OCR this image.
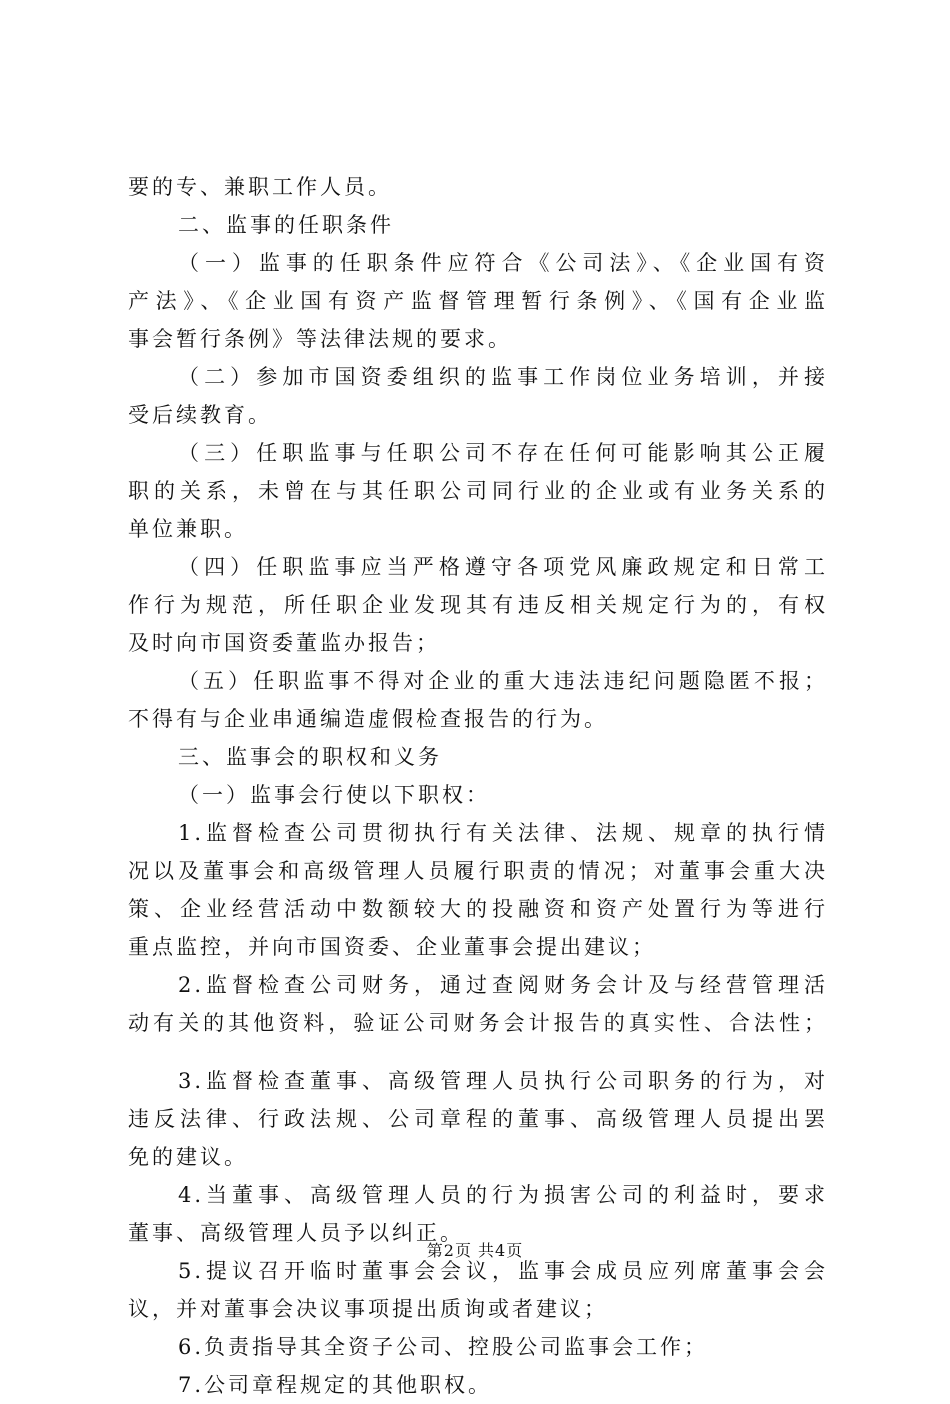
要的专、兼职工作人员。
二、监事的任职条件
（一）监事的任职条件应符合《公司法》、《企业国有资
产法》、《企业国有资产监督管理暂行条例》、《国有企业监
事会暂行条例》等法律法规的要求。
（二）参加市国资委组织的监事工作岗位业务培训，并接
受后续教育。
（三）任职监事与任职公司不存在任何可能影响其公正履
职的关系，未曾在与其任职公司同行业的企业或有业务关系的
单位兼职。
（四）任职监事应当严格遵守各项党风廉政规定和日常工
作行为规范，所任职企业发现其有违反相关规定行为的，有权
及时向市国资委董监办报告；
（五）任职监事不得对企业的重大违法违纪问题隐匿不报；
不得有与企业串通编造虚假检查报告的行为。
三、监事会的职权和义务
（一）监事会行使以下职权：
1.监督检查公司贯彻执行有关法律、法规、规章的执行情
况以及董事会和高级管理人员履行职责的情况；对董事会重大决
策、企业经营活动中数额较大的投融资和资产处置行为等进行
重点监控，并向市国资委、企业董事会提出建议；
2.监督检查公司财务，通过查阅财务会计及与经营管理活
动有关的其他资料，验证公司财务会计报告的真实性、合法性；
3.监督检查董事、高级管理人员执行公司职务的行为，对
违反法律、行政法规、公司章程的董事、高级管理人员提出罢
免的建议。
4.当董事、高级管理人员的行为损害公司的利益时，要求
董事、高级管理人员予以纠正。
5.提议召开临时董事会会议，监事会成员应列席董事会会
议，并对董事会决议事项提出质询或者建议；
6.负责指导其全资子公司、控股公司监事会工作；
7.公司章程规定的其他职权。
第2页 共4页
